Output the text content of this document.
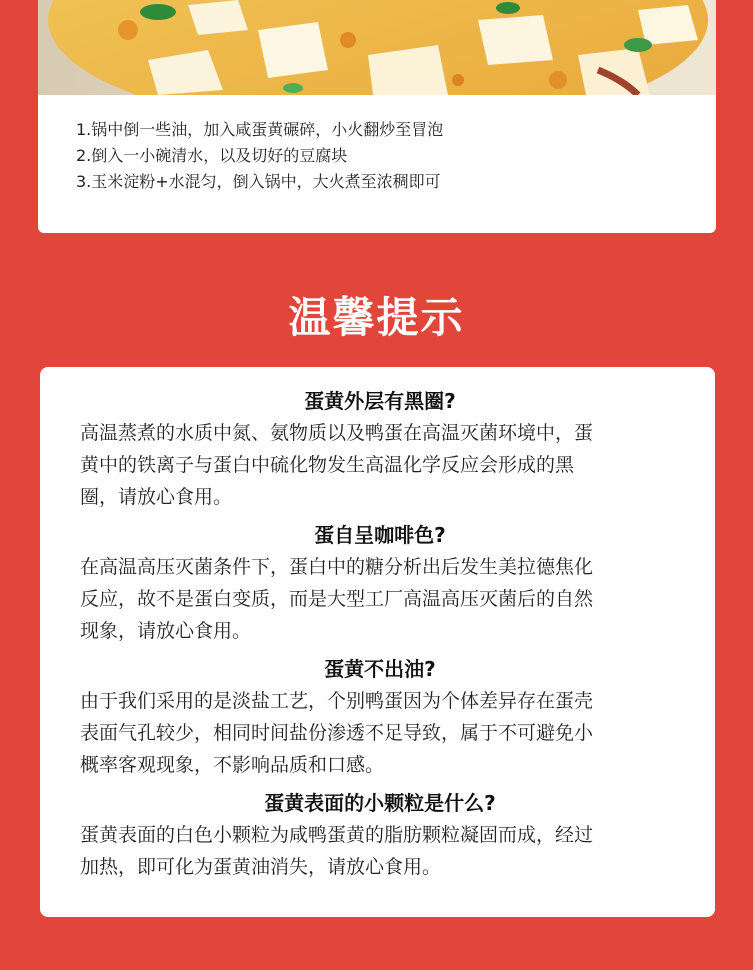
1.锅中倒一些油，加入咸蛋黄碾碎，小火翻炒至冒泡
2.倒入一小碗清水，以及切好的豆腐块
3.玉米淀粉+水混匀，倒入锅中，大火煮至浓稠即可
温馨提示
蛋黄外层有黑圈?
高温蒸煮的水质中氮、氨物质以及鸭蛋在高温灭菌环境中，蛋
黄中的铁离子与蛋白中硫化物发生高温化学反应会形成的黑
圈，请放心食用。
蛋自呈咖啡色?
在高温高压灭菌条件下，蛋白中的糖分析出后发生美拉德焦化
反应，故不是蛋白变质，而是大型工厂高温高压灭菌后的自然
现象，请放心食用。
蛋黄不出油?
由于我们采用的是淡盐工艺，个别鸭蛋因为个体差异存在蛋壳
表面气孔较少，相同时间盐份渗透不足导致，属于不可避免小
概率客观现象，不影响品质和口感。
蛋黄表面的小颗粒是什么?
蛋黄表面的白色小颗粒为咸鸭蛋黄的脂肪颗粒凝固而成，经过
加热，即可化为蛋黄油消失，请放心食用。
